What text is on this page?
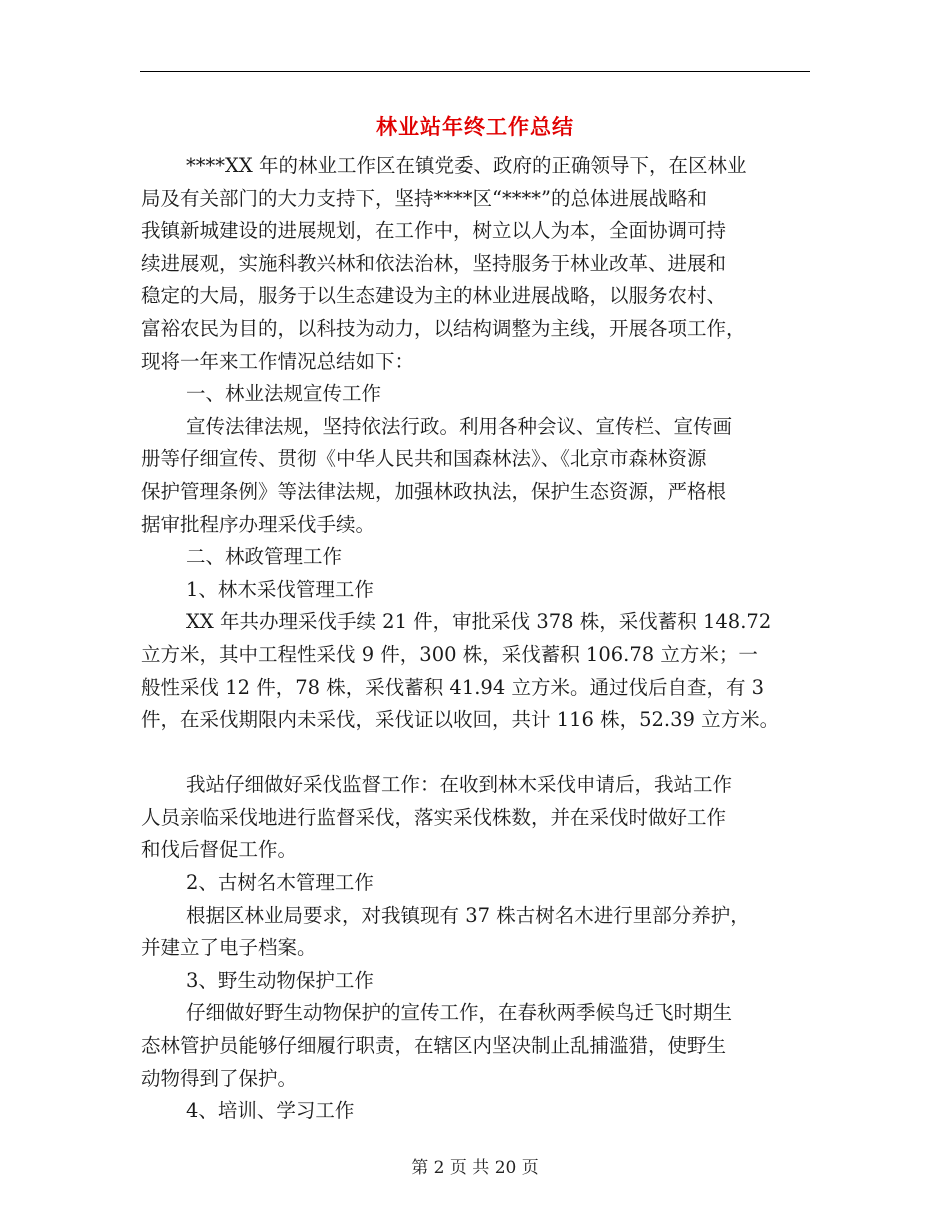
林业站年终工作总结
****XX 年的林业工作区在镇党委、政府的正确领导下，在区林业
局及有关部门的大力支持下，坚持****区“****”的总体进展战略和
我镇新城建设的进展规划，在工作中，树立以人为本，全面协调可持
续进展观，实施科教兴林和依法治林，坚持服务于林业改革、进展和
稳定的大局，服务于以生态建设为主的林业进展战略，以服务农村、
富裕农民为目的，以科技为动力，以结构调整为主线，开展各项工作，
现将一年来工作情况总结如下：
一、林业法规宣传工作
宣传法律法规，坚持依法行政。利用各种会议、宣传栏、宣传画
册等仔细宣传、贯彻《中华人民共和国森林法》、《北京市森林资源
保护管理条例》等法律法规，加强林政执法，保护生态资源，严格根
据审批程序办理采伐手续。
二、林政管理工作
1、林木采伐管理工作
XX 年共办理采伐手续 21 件，审批采伐 378 株，采伐蓄积 148.72
立方米，其中工程性采伐 9 件，300 株，采伐蓄积 106.78 立方米；一
般性采伐 12 件，78 株，采伐蓄积 41.94 立方米。通过伐后自查，有 3
件，在采伐期限内未采伐，采伐证以收回，共计 116 株，52.39 立方米。
我站仔细做好采伐监督工作：在收到林木采伐申请后，我站工作
人员亲临采伐地进行监督采伐，落实采伐株数，并在采伐时做好工作
和伐后督促工作。
2、古树名木管理工作
根据区林业局要求，对我镇现有 37 株古树名木进行里部分养护，
并建立了电子档案。
3、野生动物保护工作
仔细做好野生动物保护的宣传工作，在春秋两季候鸟迁飞时期生
态林管护员能够仔细履行职责，在辖区内坚决制止乱捕滥猎，使野生
动物得到了保护。
4、培训、学习工作
第 2 页 共 20 页
